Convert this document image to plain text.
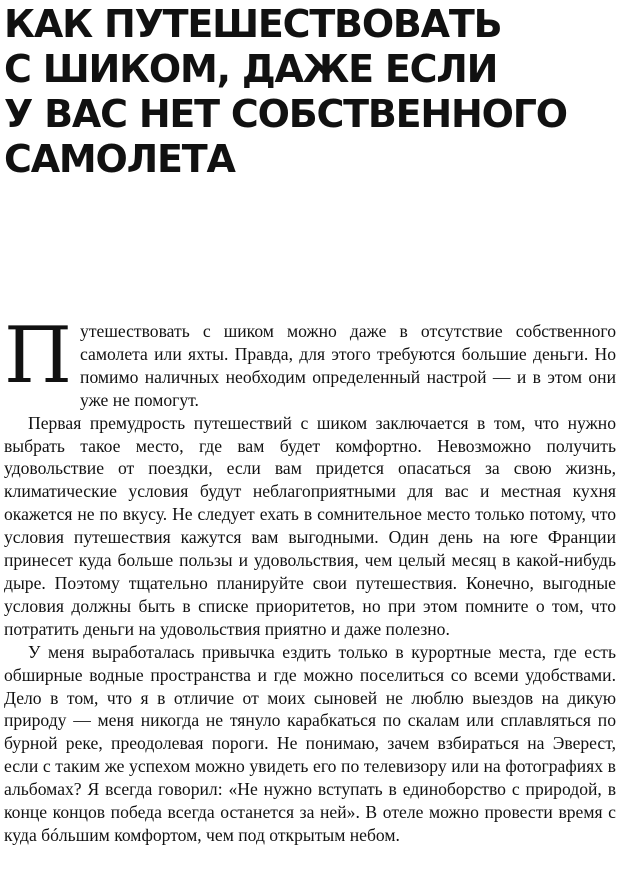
КАК ПУТЕШЕСТВОВАТЬ
С ШИКОМ, ДАЖЕ ЕСЛИ
У ВАС НЕТ СОБСТВЕННОГО
САМОЛЕТА

Путешествовать с шиком можно даже в отсутствие собственного самолета или яхты. Правда, для этого требуются большие деньги. Но помимо наличных необходим определенный настрой — и в этом они уже не помогут.

Первая премудрость путешествий с шиком заключается в том, что нужно выбрать такое место, где вам будет комфортно. Невозможно получить удовольствие от поездки, если вам придется опасаться за свою жизнь, климатические условия будут неблагоприятными для вас и местная кухня окажется не по вкусу. Не следует ехать в сомнительное место только потому, что условия путешествия кажутся вам выгодными. Один день на юге Франции принесет куда больше пользы и удовольствия, чем целый месяц в какой-нибудь дыре. Поэтому тщательно планируйте свои путешествия. Конечно, выгодные условия должны быть в списке приоритетов, но при этом помните о том, что потратить деньги на удовольствия приятно и даже полезно.

У меня выработалась привычка ездить только в курортные места, где есть обширные водные пространства и где можно поселиться со всеми удобствами. Дело в том, что я в отличие от моих сыновей не люблю выездов на дикую природу — меня никогда не тянуло карабкаться по скалам или сплавляться по бурной реке, преодолевая пороги. Не понимаю, зачем взбираться на Эверест, если с таким же успехом можно увидеть его по телевизору или на фотографиях в альбомах? Я всегда говорил: «Не нужно вступать в единоборство с природой, в конце концов победа всегда останется за ней». В отеле можно провести время с куда бóльшим комфортом, чем под открытым небом.
